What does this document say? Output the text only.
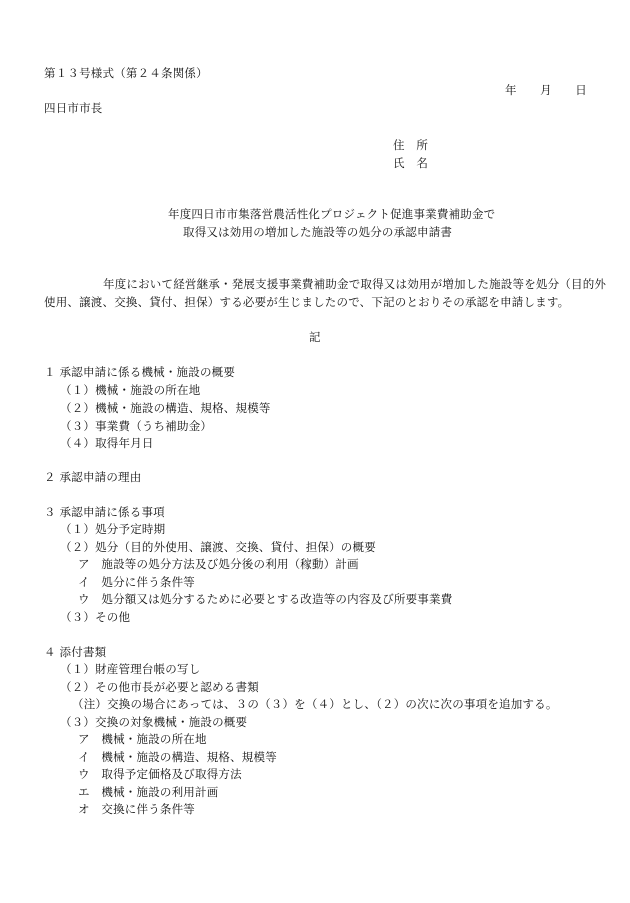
第１３号様式（第２４条関係）
年　　月　　日
四日市市長
住　所
氏　名
年度四日市市集落営農活性化プロジェクト促進事業費補助金で
取得又は効用の増加した施設等の処分の承認申請書
年度において経営継承・発展支援事業費補助金で取得又は効用が増加した施設等を処分（目的外
使用、譲渡、交換、貸付、担保）する必要が生じましたので、下記のとおりその承認を申請します。
記
１ 承認申請に係る機械・施設の概要
（１）機械・施設の所在地
（２）機械・施設の構造、規格、規模等
（３）事業費（うち補助金）
（４）取得年月日
２ 承認申請の理由
３ 承認申請に係る事項
（１）処分予定時期
（２）処分（目的外使用、譲渡、交換、貸付、担保）の概要
ア　施設等の処分方法及び処分後の利用（稼動）計画
イ　処分に伴う条件等
ウ　処分額又は処分するために必要とする改造等の内容及び所要事業費
（３）その他
４ 添付書類
（１）財産管理台帳の写し
（２）その他市長が必要と認める書類
（注）交換の場合にあっては、３の（３）を（４）とし、（２）の次に次の事項を追加する。
（３）交換の対象機械・施設の概要
ア　機械・施設の所在地
イ　機械・施設の構造、規格、規模等
ウ　取得予定価格及び取得方法
エ　機械・施設の利用計画
オ　交換に伴う条件等
